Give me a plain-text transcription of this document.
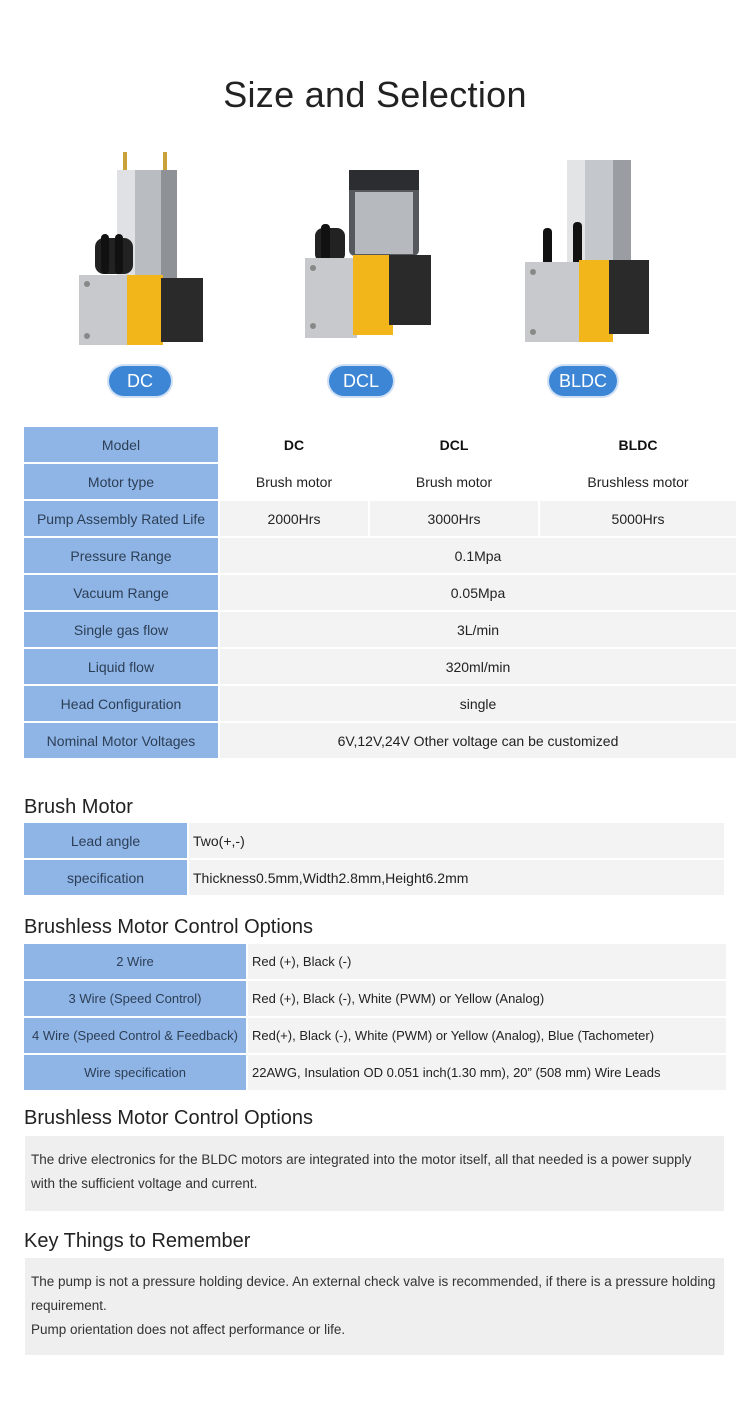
Size and Selection
DC	DCL	BLDC
Model	DC	DCL	BLDC
Motor type	Brush motor	Brush motor	Brushless motor
Pump Assembly Rated Life	2000Hrs	3000Hrs	5000Hrs
Pressure Range	0.1Mpa		
Vacuum Range	0.05Mpa		
Single gas flow	3L/min		
Liquid flow	320ml/min		
Head Configuration	single		
Nominal Motor Voltages	6V,12V,24V Other voltage can be customized		
Brush Motor
Lead angle	Two(+,-)
specification	Thickness0.5mm,Width2.8mm,Height6.2mm
Brushless Motor Control Options
2 Wire	Red (+), Black (-)
3 Wire (Speed Control)	Red (+), Black (-), White (PWM) or Yellow (Analog)
4 Wire (Speed Control & Feedback)	Red(+), Black (-), White (PWM) or Yellow (Analog), Blue (Tachometer)
Wire specification	22AWG, Insulation OD 0.051 inch(1.30 mm), 20” (508 mm) Wire Leads
Brushless Motor Control Options

The drive electronics for the BLDC motors are integrated into the motor itself, all that needed is a power supply with the sufficient voltage and current.

Key Things to Remember

The pump is not a pressure holding device. An external check valve is recommended, if there is a pressure holding requirement.

Pump orientation does not affect performance or life.
